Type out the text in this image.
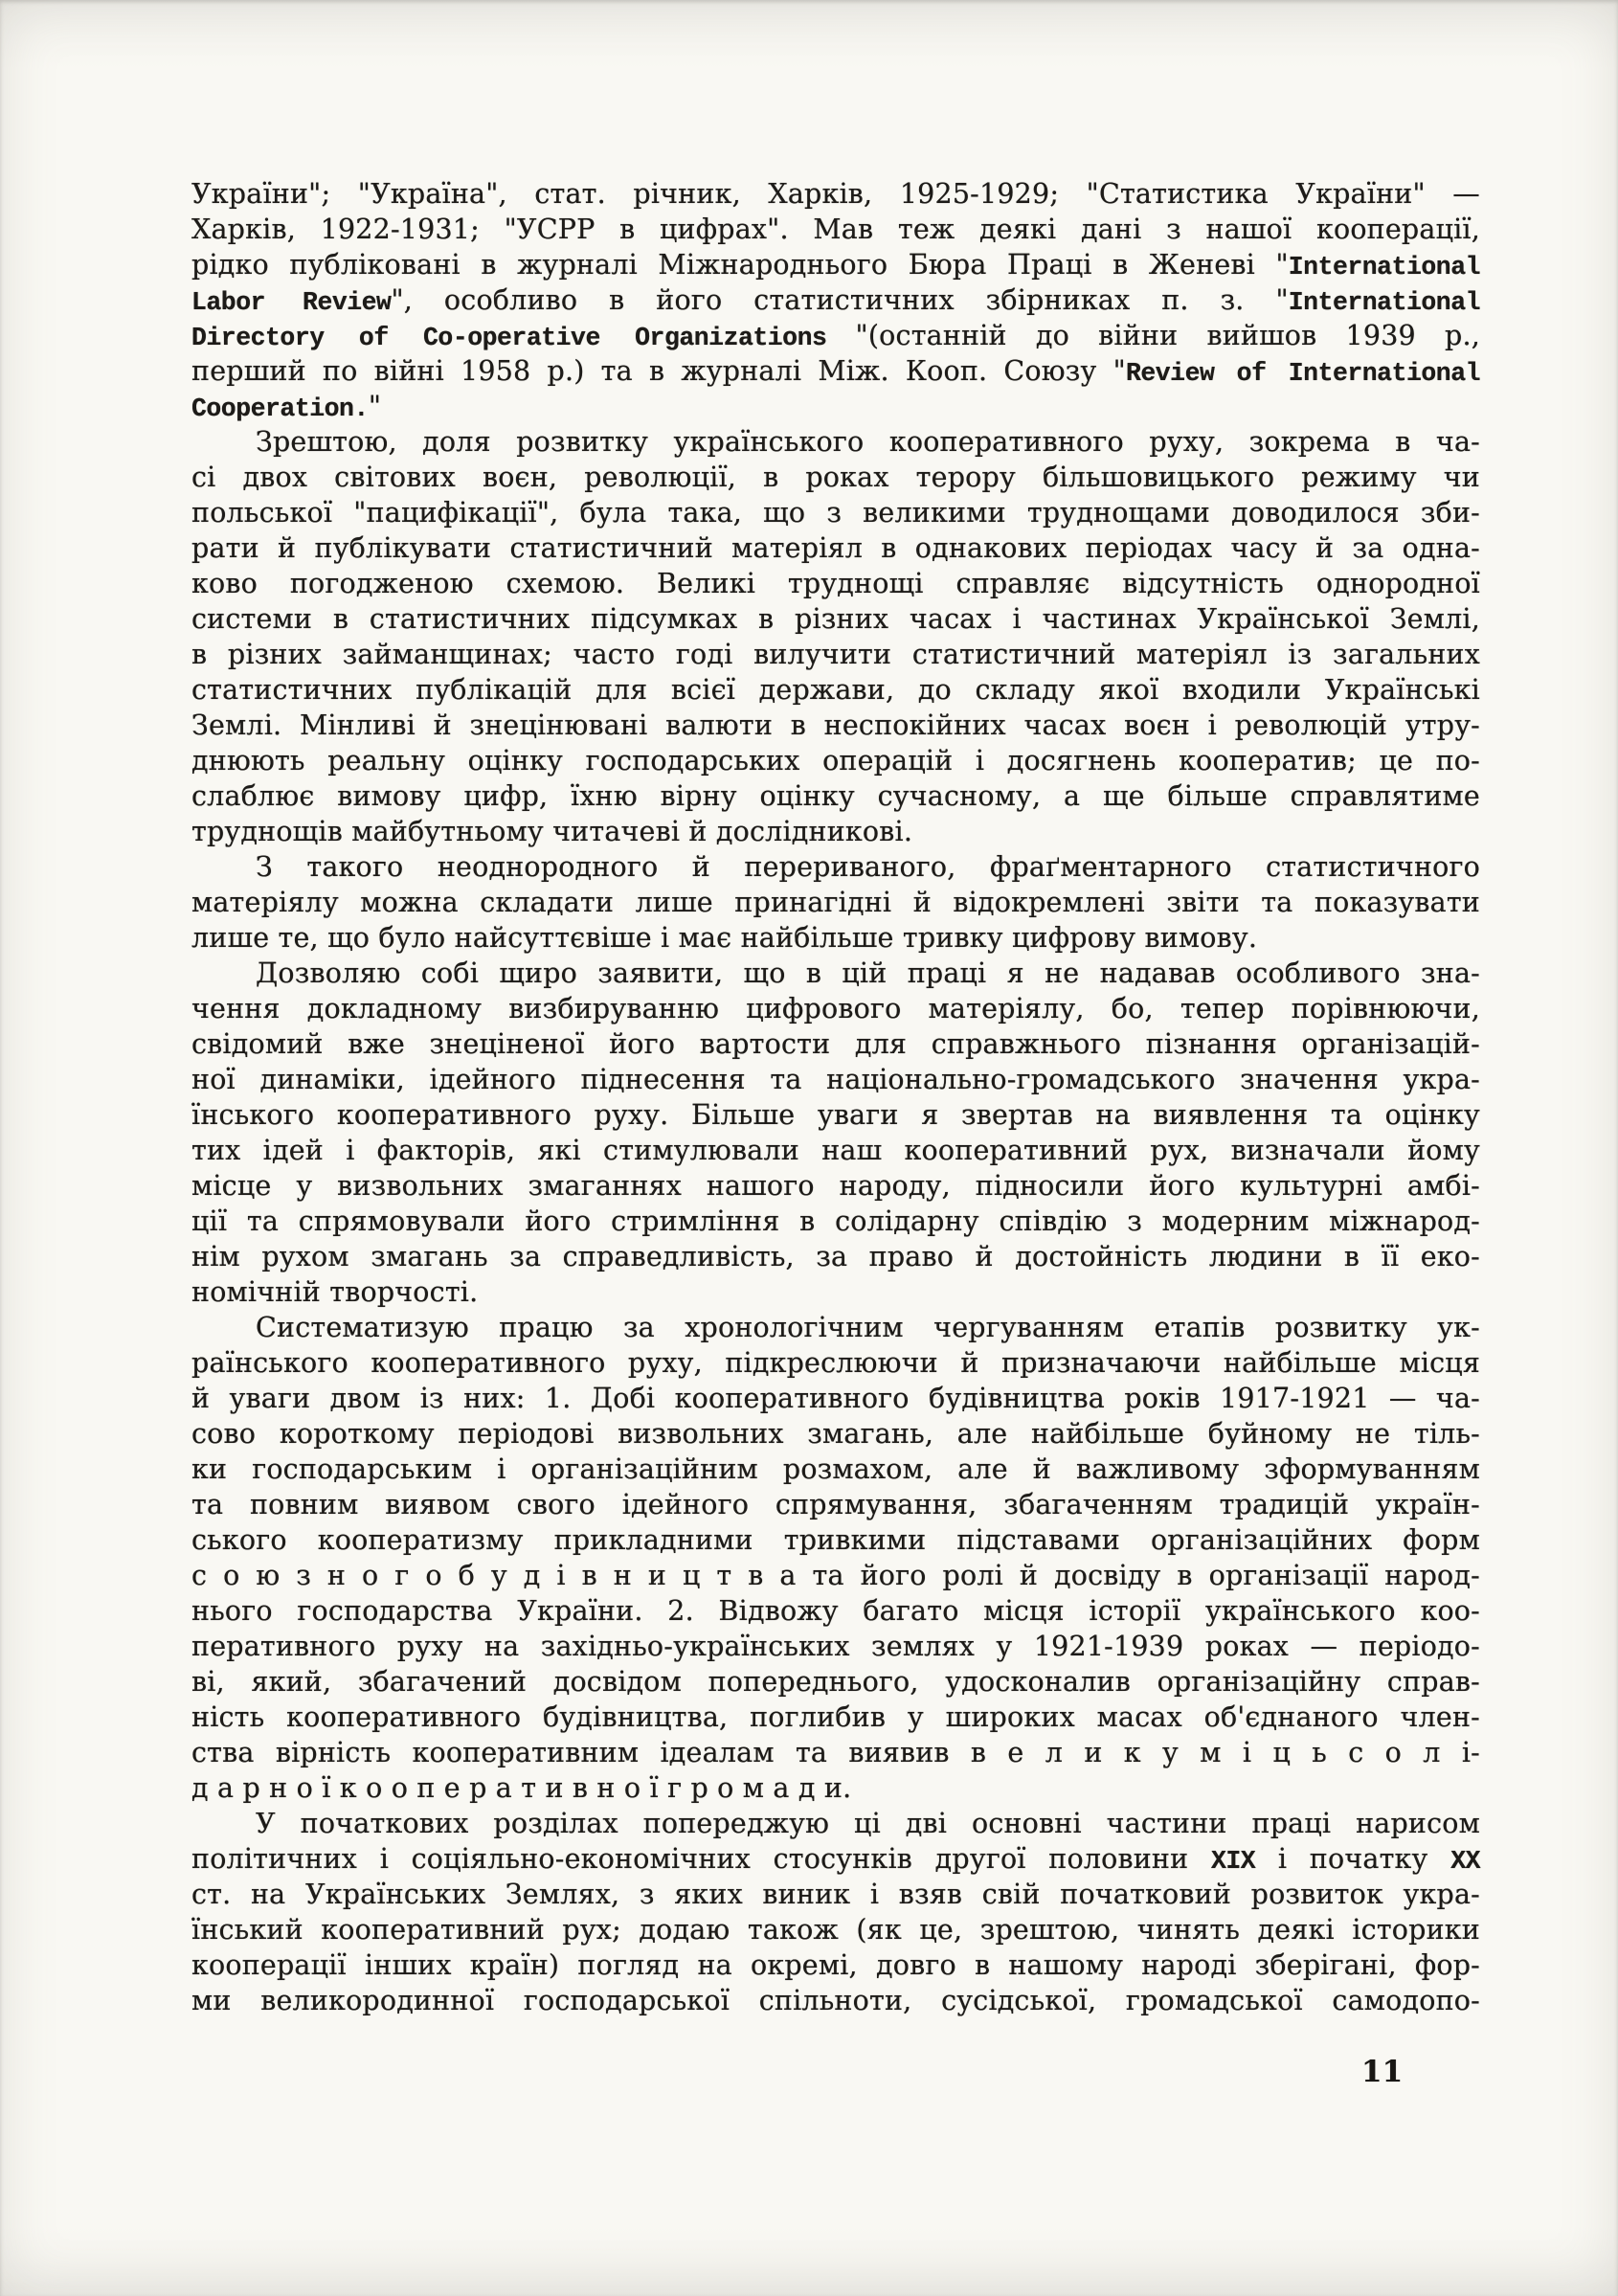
України"; "Україна", стат. річник, Харків, 1925-1929; "Статистика України" —
Харків, 1922-1931; "УСРР в цифрах". Мав теж деякі дані з нашої кооперації,
рідко публіковані в журналі Міжнароднього Бюра Праці в Женеві "International
Labor Review", особливо в його статистичних збірниках п. з. "International
Directory of Co-operative Organizations "(останній до війни вийшов 1939 р.,
перший по війні 1958 р.) та в журналі Між. Кооп. Союзу "Review of International
Cooperation."
Зрештою, доля розвитку українського кооперативного руху, зокрема в ча-
сі двох світових воєн, революції, в роках терору більшовицького режиму чи
польської "пацифікації", була така, що з великими труднощами доводилося зби-
рати й публікувати статистичний матеріял в однакових періодах часу й за одна-
ково погодженою схемою. Великі труднощі справляє відсутність однородної
системи в статистичних підсумках в різних часах і частинах Української Землі,
в різних займанщинах; часто годі вилучити статистичний матеріял із загальних
статистичних публікацій для всієї держави, до складу якої входили Українські
Землі. Мінливі й знецінювані валюти в неспокійних часах воєн і революцій утру-
днюють реальну оцінку господарських операцій і досягнень кооператив; це по-
слаблює вимову цифр, їхню вірну оцінку сучасному, а ще більше справлятиме
труднощів майбутньому читачеві й дослідникові.
З такого неоднородного й перериваного, фраґментарного статистичного
матеріялу можна складати лише принагідні й відокремлені звіти та показувати
лише те, що було найсуттєвіше і має найбільше тривку цифрову вимову.
Дозволяю собі щиро заявити, що в цій праці я не надавав особливого зна-
чення докладному визбируванню цифрового матеріялу, бо, тепер порівнюючи,
свідомий вже знеціненої його вартости для справжнього пізнання організацій-
ної динаміки, ідейного піднесення та національно-громадського значення укра-
їнського кооперативного руху. Більше уваги я звертав на виявлення та оцінку
тих ідей і факторів, які стимулювали наш кооперативний рух, визначали йому
місце у визвольних змаганнях нашого народу, підносили його культурні амбі-
ції та спрямовували його стримління в солідарну співдію з модерним міжнарод-
нім рухом змагань за справедливість, за право й достойність людини в її еко-
номічній творчості.
Систематизую працю за хронологічним чергуванням етапів розвитку ук-
раїнського кооперативного руху, підкреслюючи й призначаючи найбільше місця
й уваги двом із них: 1. Добі кооперативного будівництва років 1917-1921 — ча-
сово короткому періодові визвольних змагань, але найбільше буйному не тіль-
ки господарським і організаційним розмахом, але й важливому зформуванням
та повним виявом свого ідейного спрямування, збагаченням традицій україн-
ського кооператизму прикладними тривкими підставами організаційних форм
с о ю з н о г о б у д і в н и ц т в а та його ролі й досвіду в організації народ-
нього господарства України. 2. Відвожу багато місця історії українського коо-
перативного руху на західньо-українських землях у 1921-1939 роках — періодо-
ві, який, збагачений досвідом попереднього, удосконалив організаційну справ-
ність кооперативного будівництва, поглибив у широких масах об'єднаного член-
ства вірність кооперативним ідеалам та виявив в е л и к у м і ц ь с о л і-
д а р н о ї к о о п е р а т и в н о ї г р о м а д и.
У початкових розділах попереджую ці дві основні частини праці нарисом
політичних і соціяльно-економічних стосунків другої половини XIX і початку XX
ст. на Українських Землях, з яких виник і взяв свій початковий розвиток укра-
їнський кооперативний рух; додаю також (як це, зрештою, чинять деякі історики
кооперації інших країн) погляд на окремі, довго в нашому народі зберігані, фор-
ми великородинної господарської спільноти, сусідської, громадської самодопо-
11
